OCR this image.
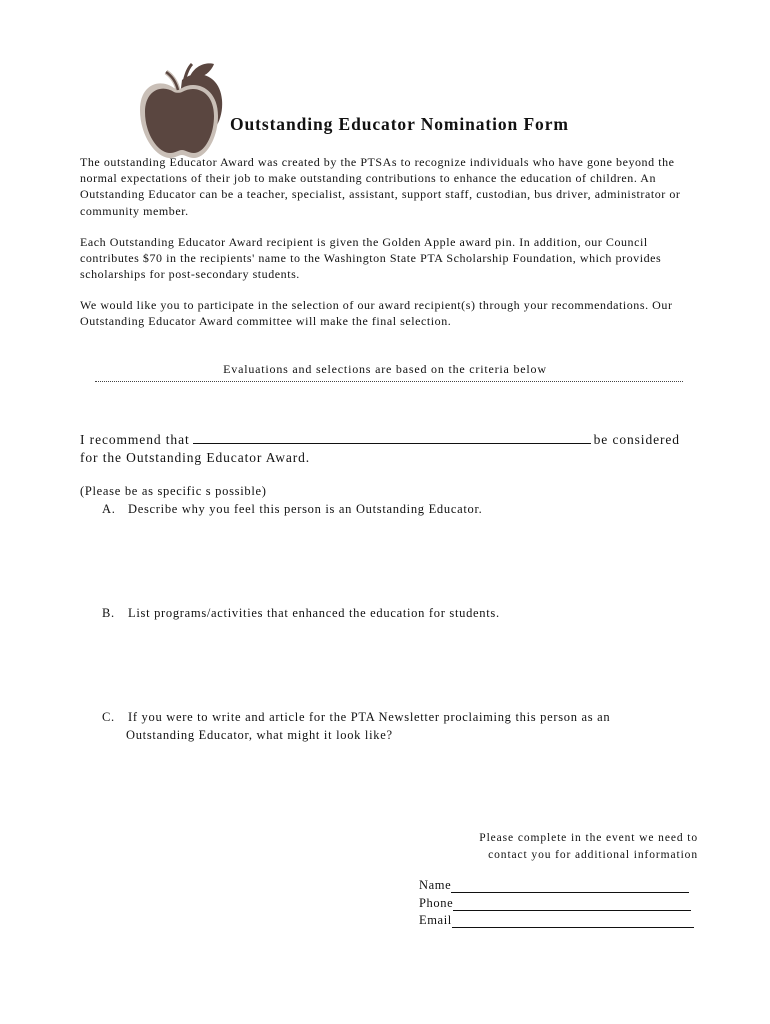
Outstanding Educator Nomination Form

The outstanding Educator Award was created by the PTSAs to recognize individuals who have gone beyond the normal expectations of their job to make outstanding contributions to enhance the education of children. An Outstanding Educator can be a teacher, specialist, assistant, support staff, custodian, bus driver, administrator or community member.

Each Outstanding Educator Award recipient is given the Golden Apple award pin. In addition, our Council contributes $70 in the recipients' name to the Washington State PTA Scholarship Foundation, which provides scholarships for post-secondary students.

We would like you to participate in the selection of our award recipient(s) through your recommendations. Our Outstanding Educator Award committee will make the final selection.

Evaluations and selections are based on the criteria below
I recommend that	be considered for the Outstanding Educator Award.
(Please be as specific s possible)
A. Describe why you feel this person is an Outstanding Educator.
B. List programs/activities that enhanced the education for students.
C. If you were to write and article for the PTA Newsletter proclaiming this person as an
Outstanding Educator, what might it look like?
Please complete in the event we need to
contact you for additional information
Name
Phone
Email
